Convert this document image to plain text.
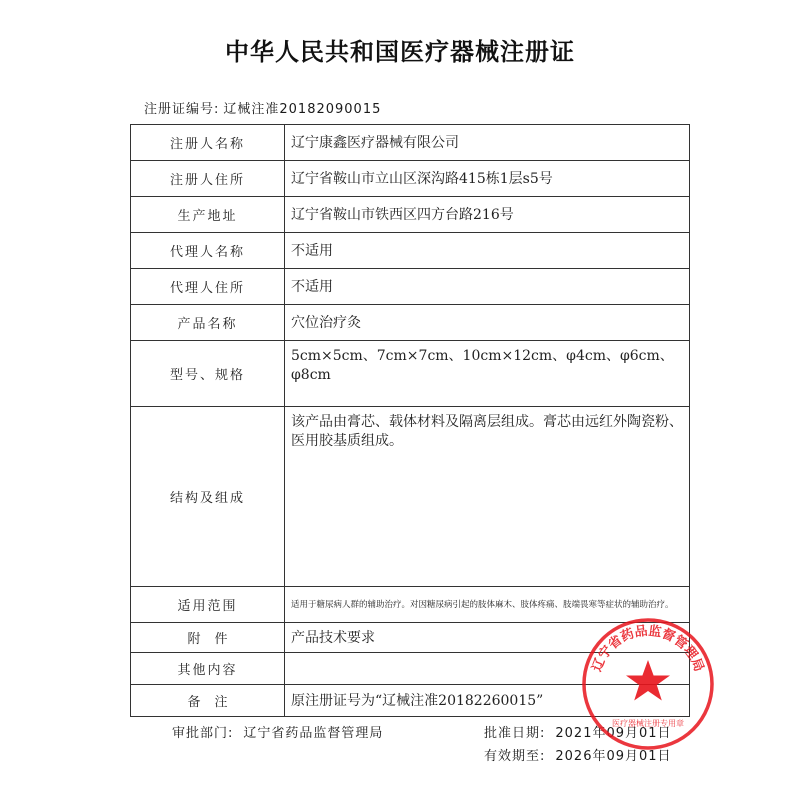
中华人民共和国医疗器械注册证
注册证编号: 辽械注准20182090015
注册人名称	辽宁康鑫医疗器械有限公司
注册人住所	辽宁省鞍山市立山区深沟路415栋1层s5号
生产地址	辽宁省鞍山市铁西区四方台路216号
代理人名称	不适用
代理人住所	不适用
产品名称	穴位治疗灸
型号、规格	5cm×5cm、7cm×7cm、10cm×12cm、φ4cm、φ6cm、φ8cm
结构及组成	该产品由膏芯、载体材料及隔离层组成。膏芯由远红外陶瓷粉、医用胶基质组成。
适用范围	适用于糖尿病人群的辅助治疗。对因糖尿病引起的肢体麻木、肢体疼痛、肢端畏寒等症状的辅助治疗。
附件	产品技术要求
其他内容	
备注	原注册证号为“辽械注准20182260015”
审批部门: 辽宁省药品监督管理局	批准日期: 2021年09月01日
有效期至: 2026年09月01日
辽宁省药品监督管理局
医疗器械注册专用章
